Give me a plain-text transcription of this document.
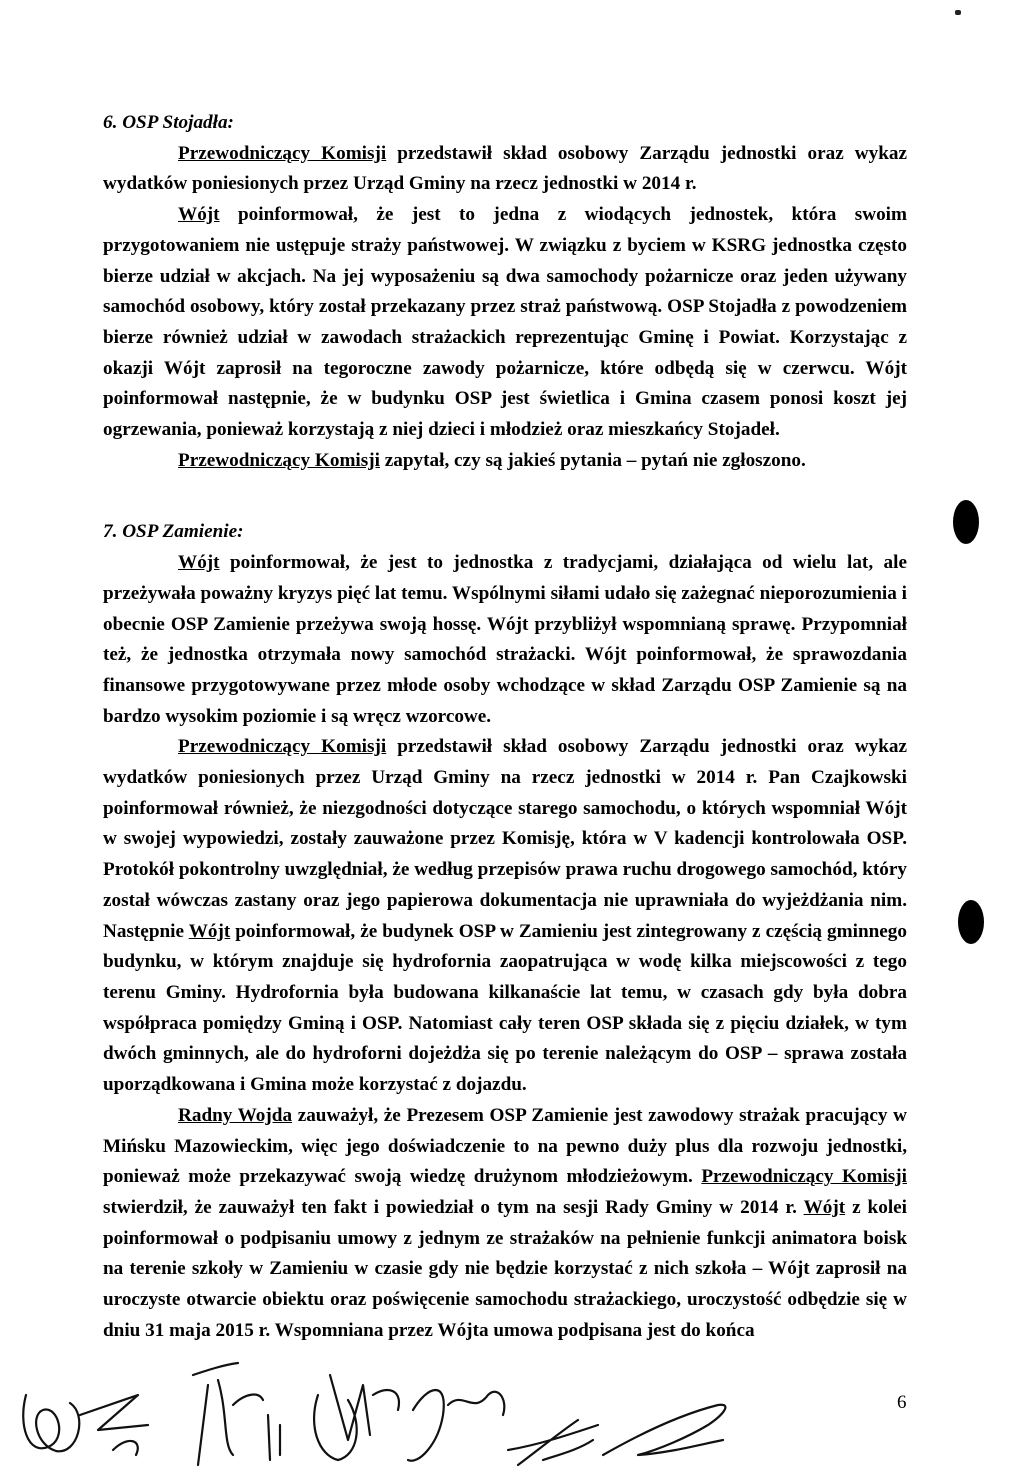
6. OSP Stojadła:

Przewodniczący Komisji przedstawił skład osobowy Zarządu jednostki oraz wykaz wydatków poniesionych przez Urząd Gminy na rzecz jednostki w 2014 r.

Wójt poinformował, że jest to jedna z wiodących jednostek, która swoim przygotowaniem nie ustępuje straży państwowej. W związku z byciem w KSRG jednostka często bierze udział w akcjach. Na jej wyposażeniu są dwa samochody pożarnicze oraz jeden używany samochód osobowy, który został przekazany przez straż państwową. OSP Stojadła z powodzeniem bierze również udział w zawodach strażackich reprezentując Gminę i Powiat. Korzystając z okazji Wójt zaprosił na tegoroczne zawody pożarnicze, które odbędą się w czerwcu. Wójt poinformował następnie, że w budynku OSP jest świetlica i Gmina czasem ponosi koszt jej ogrzewania, ponieważ korzystają z niej dzieci i młodzież oraz mieszkańcy Stojadeł.

Przewodniczący Komisji zapytał, czy są jakieś pytania – pytań nie zgłoszono.

7. OSP Zamienie:

Wójt poinformował, że jest to jednostka z tradycjami, działająca od wielu lat, ale przeżywała poważny kryzys pięć lat temu. Wspólnymi siłami udało się zażegnać nieporozumienia i obecnie OSP Zamienie przeżywa swoją hossę. Wójt przybliżył wspomnianą sprawę. Przypomniał też, że jednostka otrzymała nowy samochód strażacki. Wójt poinformował, że sprawozdania finansowe przygotowywane przez młode osoby wchodzące w skład Zarządu OSP Zamienie są na bardzo wysokim poziomie i są wręcz wzorcowe.

Przewodniczący Komisji przedstawił skład osobowy Zarządu jednostki oraz wykaz wydatków poniesionych przez Urząd Gminy na rzecz jednostki w 2014 r. Pan Czajkowski poinformował również, że niezgodności dotyczące starego samochodu, o których wspomniał Wójt w swojej wypowiedzi, zostały zauważone przez Komisję, która w V kadencji kontrolowała OSP. Protokół pokontrolny uwzględniał, że według przepisów prawa ruchu drogowego samochód, który został wówczas zastany oraz jego papierowa dokumentacja nie uprawniała do wyjeżdżania nim. Następnie Wójt poinformował, że budynek OSP w Zamieniu jest zintegrowany z częścią gminnego budynku, w którym znajduje się hydrofornia zaopatrująca w wodę kilka miejscowości z tego terenu Gminy. Hydrofornia była budowana kilkanaście lat temu, w czasach gdy była dobra współpraca pomiędzy Gminą i OSP. Natomiast cały teren OSP składa się z pięciu działek, w tym dwóch gminnych, ale do hydroforni dojeżdża się po terenie należącym do OSP – sprawa została uporządkowana i Gmina może korzystać z dojazdu.

Radny Wojda zauważył, że Prezesem OSP Zamienie jest zawodowy strażak pracujący w Mińsku Mazowieckim, więc jego doświadczenie to na pewno duży plus dla rozwoju jednostki, ponieważ może przekazywać swoją wiedzę drużynom młodzieżowym. Przewodniczący Komisji stwierdził, że zauważył ten fakt i powiedział o tym na sesji Rady Gminy w 2014 r. Wójt z kolei poinformował o podpisaniu umowy z jednym ze strażaków na pełnienie funkcji animatora boisk na terenie szkoły w Zamieniu w czasie gdy nie będzie korzystać z nich szkoła – Wójt zaprosił na uroczyste otwarcie obiektu oraz poświęcenie samochodu strażackiego, uroczystość odbędzie się w dniu 31 maja 2015 r. Wspomniana przez Wójta umowa podpisana jest do końca

6
